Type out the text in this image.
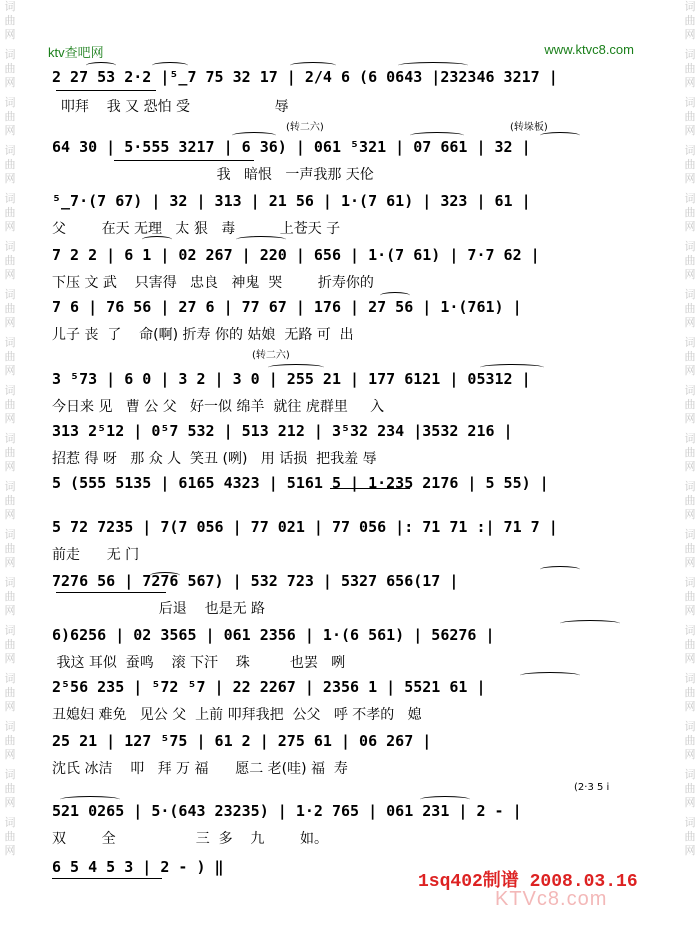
词
曲
网
词
曲
网
词
曲
网
词
曲
网
词
曲
网
词
曲
网
词
曲
网
词
曲
网
词
曲
网
词
曲
网
词
曲
网
词
曲
网
词
曲
网
词
曲
网
词
曲
网
词
曲
网
词
曲
网
词
曲
网
词
曲
网
词
曲
网
词
曲
网
词
曲
网
词
曲
网
词
曲
网
词
曲
网
词
曲
网
词
曲
网
词
曲
网
词
曲
网
词
曲
网
词
曲
网
词
曲
网
词
曲
网
词
曲
网
词
曲
网
词
曲
网
ktv查吧网	www.ktvc8.com
(转二六)	(转垛板)
(转二六)
(2·3 5 i
2 27 53 2·2 |⁵̲7 75 32 17 | 2/4 6 (6 0643 |232346 3217 |
叩拜    我 又 恐怕 受                   辱
64 30 | 5·555 3217 | 6 36) | 061 ⁵321 | 07 661 | 32 |
我   暗恨   一声我那 天伦
⁵̲7·(7 67) | 32 | 313 | 21 56 | 1·(7 61) | 323 | 61 |
父        在天 无理   太 狠   毒          上苍天 子
7 2 2 | 6 1 | 02 267 | 220 | 656 | 1·(7 61) | 7·7 62 |
下压 文 武    只害得   忠良   神鬼  哭        折寿你的
7 6 | 76 56 | 27 6 | 77 67 | 176 | 27 56 | 1·(761) |
儿子 丧  了    命(啊) 折寿 你的 姑娘  无路 可  出
3 ⁵73 | 6 0 | 3 2 | 3 0 | 255 21 | 177 6121 | 05312 |
今日来 见   曹 公 父   好一似 绵羊  就往 虎群里     入
313 2⁵12 | 0⁵7 532 | 513 212 | 3⁵32 234 |3532 216 |
招惹 得 呀   那 众 人  笑丑 (咧)   用 话损  把我羞 辱
5 (555 5135 | 6165 4323 | 5161 5 | 1·235 2176 | 5 55) |
5 72 7235 | 7(7 056 | 77 021 | 77 056 |: 71 71 :| 71 7 |
前走      无 门
7276 56 | 7276 567) | 532 723 | 5327 656(17 |
后退    也是无 路
6)6256 | 02 3565 | 061 2356 | 1·(6 561) | 56276 |
我这 耳似  蚕鸣    滚 下汗    珠         也罢   咧
2⁵56 235 | ⁵72 ⁵7 | 22 2267 | 2356 1 | 5521 61 |
丑媳妇 难免   见公 父  上前 叩拜我把  公父   呼 不孝的   媳
25 21 | 127 ⁵75 | 61 2 | 275 61 | 06 267 |
沈氏 冰洁    叩   拜 万 福      愿二 老(哇) 福  寿
521 0265 | 5·(643 23235) | 1·2 765 | 061 231 | 2 - |
双        全                  三  多    九        如。
6 5 4 5 3 | 2 - ) ‖
KTVc8.com
1sq402制谱 2008.03.16
